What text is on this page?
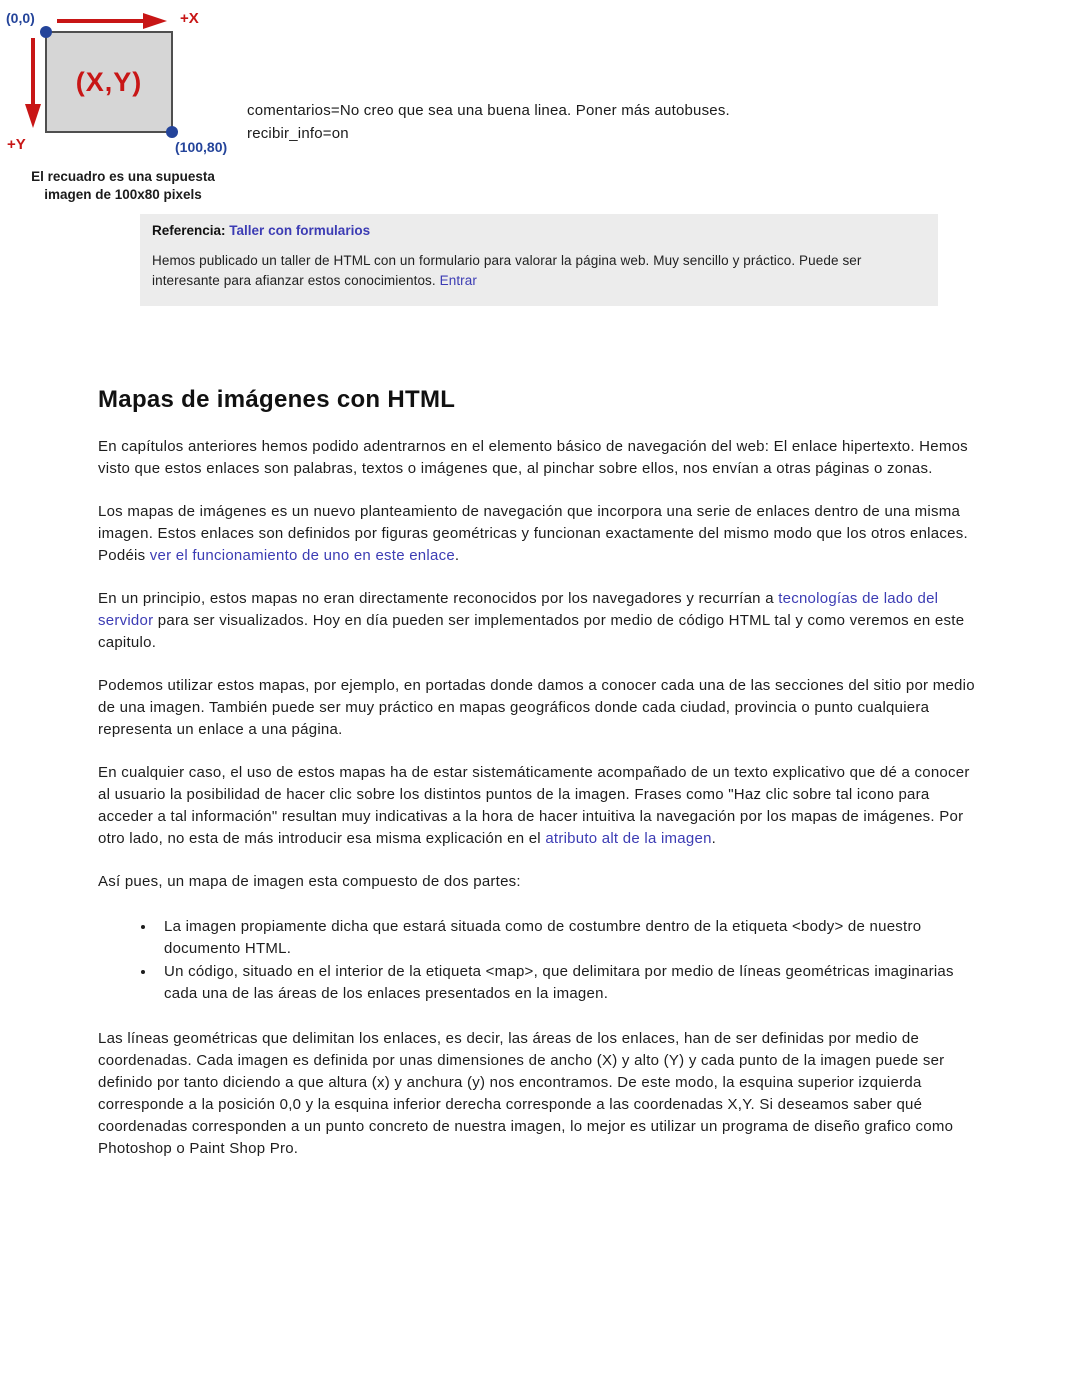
(0,0)	+X
+Y
(X,Y)
(100,80)
El recuadro es una supuesta
imagen de 100x80 pixels
comentarios=No creo que sea una buena linea. Poner más autobuses.
recibir_info=on
Referencia: Taller con formularios
Hemos publicado un taller de HTML con un formulario para valorar la página web. Muy sencillo y práctico. Puede ser interesante para afianzar estos conocimientos. Entrar
Mapas de imágenes con HTML

En capítulos anteriores hemos podido adentrarnos en el elemento básico de navegación del web: El enlace hipertexto. Hemos visto que estos enlaces son palabras, textos o imágenes que, al pinchar sobre ellos, nos envían a otras páginas o zonas.

Los mapas de imágenes es un nuevo planteamiento de navegación que incorpora una serie de enlaces dentro de una misma imagen. Estos enlaces son definidos por figuras geométricas y funcionan exactamente del mismo modo que los otros enlaces. Podéis ver el funcionamiento de uno en este enlace.

En un principio, estos mapas no eran directamente reconocidos por los navegadores y recurrían a tecnologías de lado del servidor para ser visualizados. Hoy en día pueden ser implementados por medio de código HTML tal y como veremos en este capitulo.

Podemos utilizar estos mapas, por ejemplo, en portadas donde damos a conocer cada una de las secciones del sitio por medio de una imagen. También puede ser muy práctico en mapas geográficos donde cada ciudad, provincia o punto cualquiera representa un enlace a una página.

En cualquier caso, el uso de estos mapas ha de estar sistemáticamente acompañado de un texto explicativo que dé a conocer al usuario la posibilidad de hacer clic sobre los distintos puntos de la imagen. Frases como "Haz clic sobre tal icono para acceder a tal información" resultan muy indicativas a la hora de hacer intuitiva la navegación por los mapas de imágenes. Por otro lado, no esta de más introducir esa misma explicación en el atributo alt de la imagen.

Así pues, un mapa de imagen esta compuesto de dos partes:

• La imagen propiamente dicha que estará situada como de costumbre dentro de la etiqueta <body> de nuestro documento HTML.
• Un código, situado en el interior de la etiqueta <map>, que delimitara por medio de líneas geométricas imaginarias cada una de las áreas de los enlaces presentados en la imagen.

Las líneas geométricas que delimitan los enlaces, es decir, las áreas de los enlaces, han de ser definidas por medio de coordenadas. Cada imagen es definida por unas dimensiones de ancho (X) y alto (Y) y cada punto de la imagen puede ser definido por tanto diciendo a que altura (x) y anchura (y) nos encontramos. De este modo, la esquina superior izquierda corresponde a la posición 0,0 y la esquina inferior derecha corresponde a las coordenadas X,Y. Si deseamos saber qué coordenadas corresponden a un punto concreto de nuestra imagen, lo mejor es utilizar un programa de diseño grafico como Photoshop o Paint Shop Pro.
